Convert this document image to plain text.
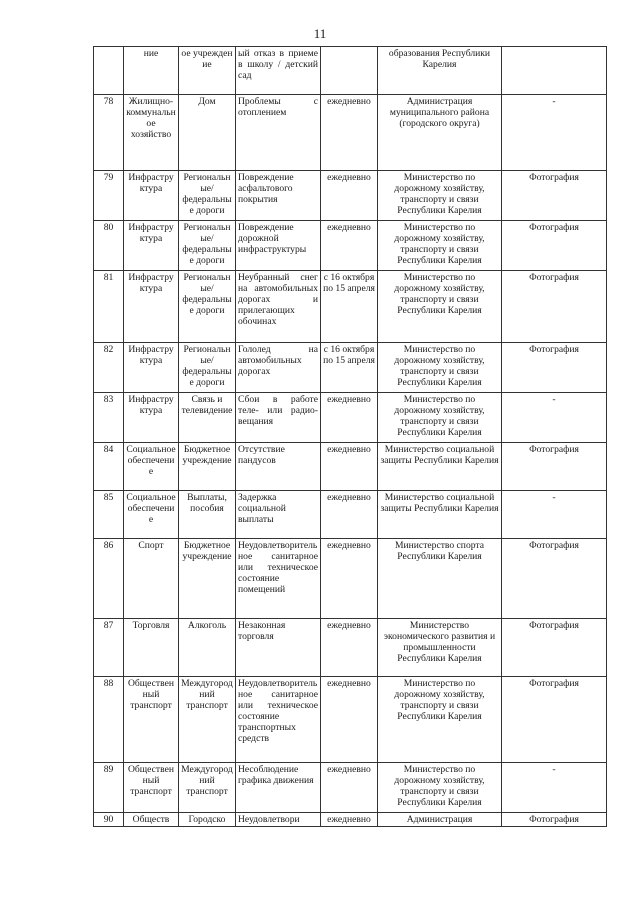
11

	ние	ое учрежден ие	ый отказ в приеме в школу / детский сад		образования Республики Карелия	

78	Жилищно-коммунальное хозяйство	Дом	Проблемы с отоплением	ежедневно	Администрация муниципального района (городского округа)	-

79	Инфраструктура	Региональные/федеральные дороги	Повреждение асфальтового покрытия	ежедневно	Министерство по дорожному хозяйству, транспорту и связи Республики Карелия	Фотография

80	Инфраструктура	Региональные/федеральные дороги	Повреждение дорожной инфраструктуры	ежедневно	Министерство по дорожному хозяйству, транспорту и связи Республики Карелия	Фотография

81	Инфраструктура	Региональные/федеральные дороги	Неубранный снег на автомобильных дорогах и прилегающих обочинах	с 16 октября по 15 апреля	Министерство по дорожному хозяйству, транспорту и связи Республики Карелия	Фотография

82	Инфраструктура	Региональные/федеральные дороги	Гололед на автомобильных дорогах	с 16 октября по 15 апреля	Министерство по дорожному хозяйству, транспорту и связи Республики Карелия	Фотография

83	Инфраструктура	Связь и телевидение	Сбои в работе теле- или радио-вещания	ежедневно	Министерство по дорожному хозяйству, транспорту и связи Республики Карелия	-

84	Социальное обеспечение	Бюджетное учреждение	Отсутствие пандусов	ежедневно	Министерство социальной защиты Республики Карелия	Фотография

85	Социальное обеспечение	Выплаты, пособия	Задержка социальной выплаты	ежедневно	Министерство социальной защиты Республики Карелия	-

86	Спорт	Бюджетное учреждение	Неудовлетворительное санитарное или техническое состояние помещений	ежедневно	Министерство спорта Республики Карелия	Фотография

87	Торговля	Алкоголь	Незаконная торговля	ежедневно	Министерство экономического развития и промышленности Республики Карелия	Фотография

88	Общественный транспорт	Междугородний транспорт	Неудовлетворительное санитарное или техническое состояние транспортных средств	ежедневно	Министерство по дорожному хозяйству, транспорту и связи Республики Карелия	Фотография

89	Общественный транспорт	Междугородний транспорт	Несоблюдение графика движения	ежедневно	Министерство по дорожному хозяйству, транспорту и связи Республики Карелия	-

90	Обществ	Городско	Неудовлетвори	ежедневно	Администрация	Фотография
